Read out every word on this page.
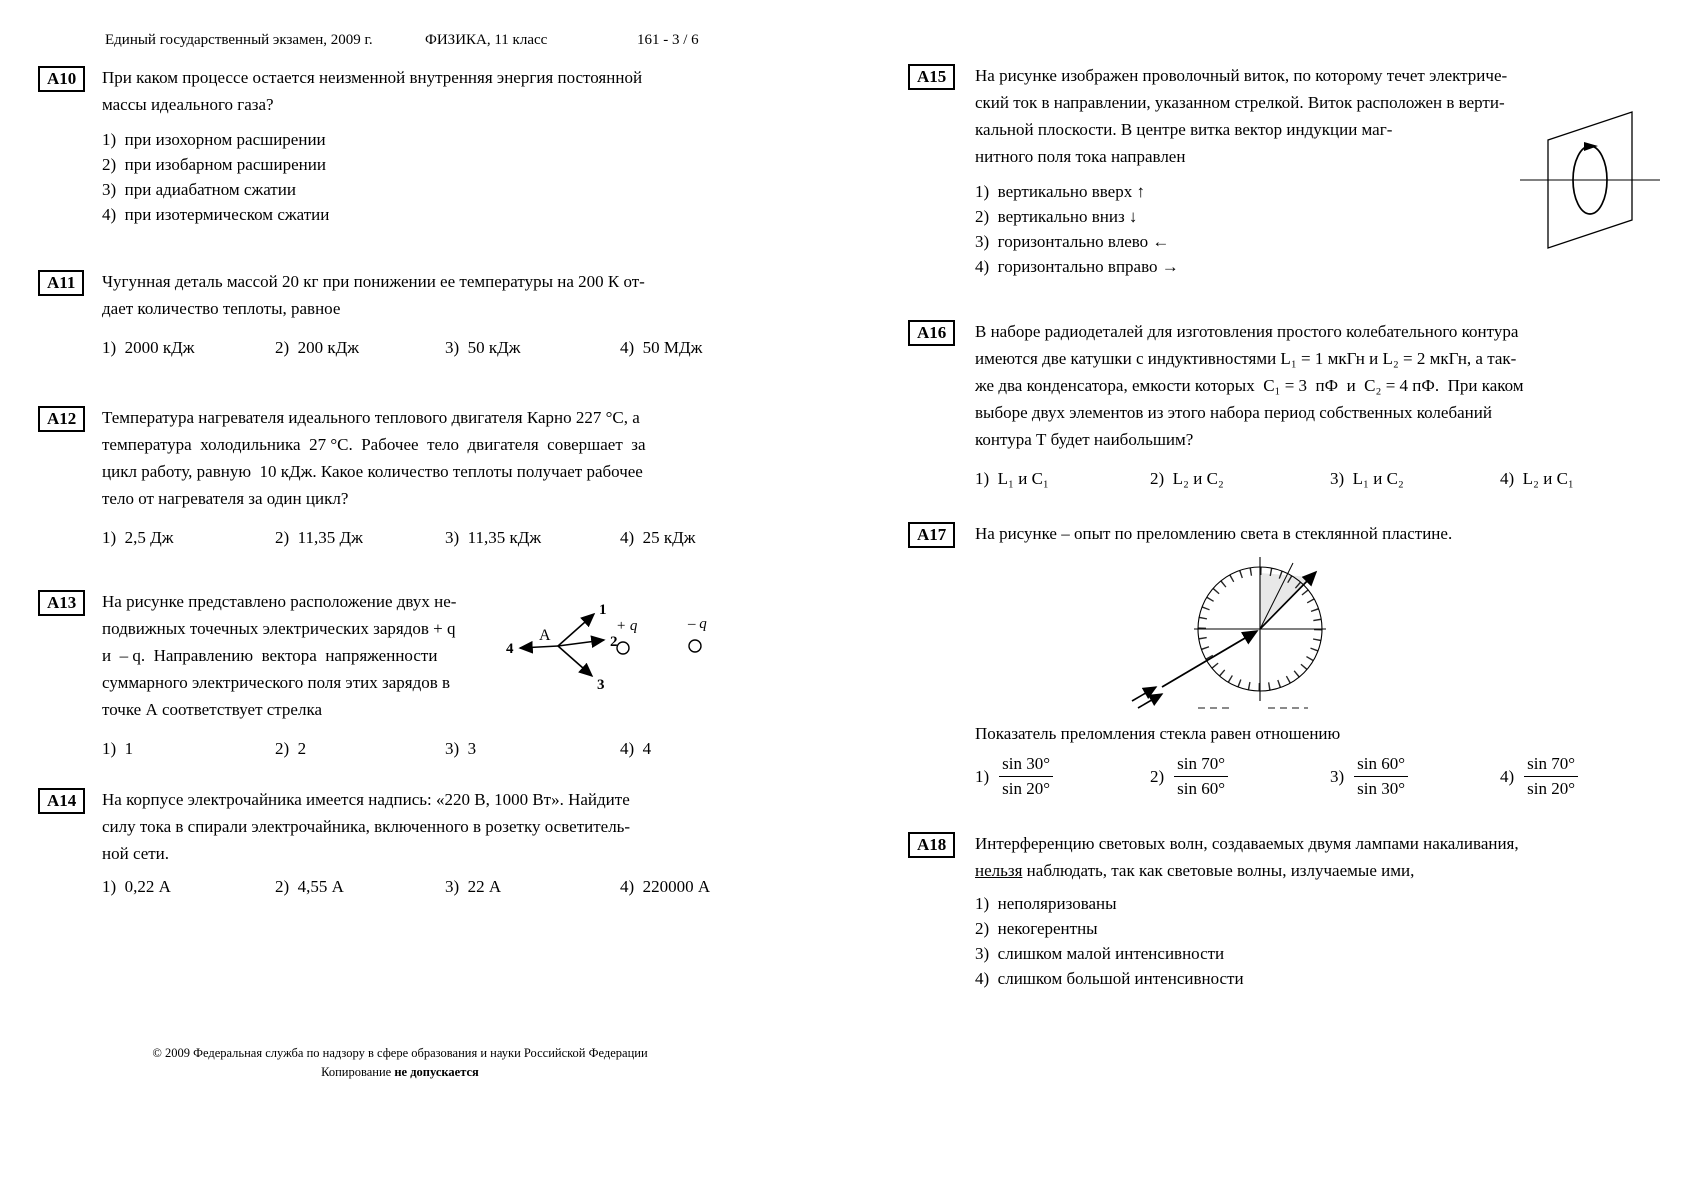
Единый государственный экзамен, 2009 г.	ФИЗИКА, 11 класс	161 - 3 / 6
А10	При каком процессе остается неизменной внутренняя энергия постоянной
массы идеального газа?
1)  при изохорном расширении
2)  при изобарном расширении
3)  при адиабатном сжатии
4)  при изотермическом сжатии
А11	Чугунная деталь массой 20 кг при понижении ее температуры на 200 К от-
дает количество теплоты, равное
1)  2000 кДж	2)  200 кДж	3)  50 кДж	4)  50 МДж
А12	Температура нагревателя идеального теплового двигателя Карно 227 °С, а
температура  холодильника  27 °С.  Рабочее  тело  двигателя  совершает  за
цикл работу, равную  10 кДж. Какое количество теплоты получает рабочее
тело от нагревателя за один цикл?
1)  2,5 Дж	2)  11,35 Дж	3)  11,35 кДж	4)  25 кДж
А13	На рисунке представлено расположение двух не-
подвижных точечных электрических зарядов + q
и  – q.  Направлению  вектора  напряженности
суммарного электрического поля этих зарядов в
точке А соответствует стрелка
1)  1	2)  2	3)  3	4)  4
А
1
2
3
4
+ q	– q
А14	На корпусе электрочайника имеется надпись: «220 В, 1000 Вт». Найдите
силу тока в спирали электрочайника, включенного в розетку осветитель-
ной сети.
1)  0,22 А	2)  4,55 А	3)  22 А	4)  220000 А
А15	На рисунке изображен проволочный виток, по которому течет электриче-
ский ток в направлении, указанном стрелкой. Виток расположен в верти-
кальной плоскости. В центре витка вектор индукции маг-
нитного поля тока направлен
1)  вертикально вверх ↑
2)  вертикально вниз ↓
3)  горизонтально влево ←
4)  горизонтально вправо →
А16	В наборе радиодеталей для изготовления простого колебательного контура
имеются две катушки с индуктивностями L₁ = 1 мкГн и L₂ = 2 мкГн, а так-
же два конденсатора, емкости которых  С₁ = 3  пФ  и  С₂ = 4 пФ.  При каком
выборе двух элементов из этого набора период собственных колебаний
контура Т будет наибольшим?
1)  L₁ и C₁	2)  L₂ и C₂	3)  L₁ и C₂	4)  L₂ и C₁
А17	На рисунке – опыт по преломлению света в стеклянной пластине.
Показатель преломления стекла равен отношению
$1) \frac{\sin 30^\circ}{\sin 20^\circ}$	$2) \frac{\sin 70^\circ}{\sin 60^\circ}$	$3) \frac{\sin 60^\circ}{\sin 30^\circ}$	$4) \frac{\sin 70^\circ}{\sin 20^\circ}$
А18	Интерференцию световых волн, создаваемых двумя лампами накаливания,
нельзя наблюдать, так как световые волны, излучаемые ими,
1)  неполяризованы
2)  некогерентны
3)  слишком малой интенсивности
4)  слишком большой интенсивности
© 2009 Федеральная служба по надзору в сфере образования и науки Российской Федерации
Копирование не допускается
